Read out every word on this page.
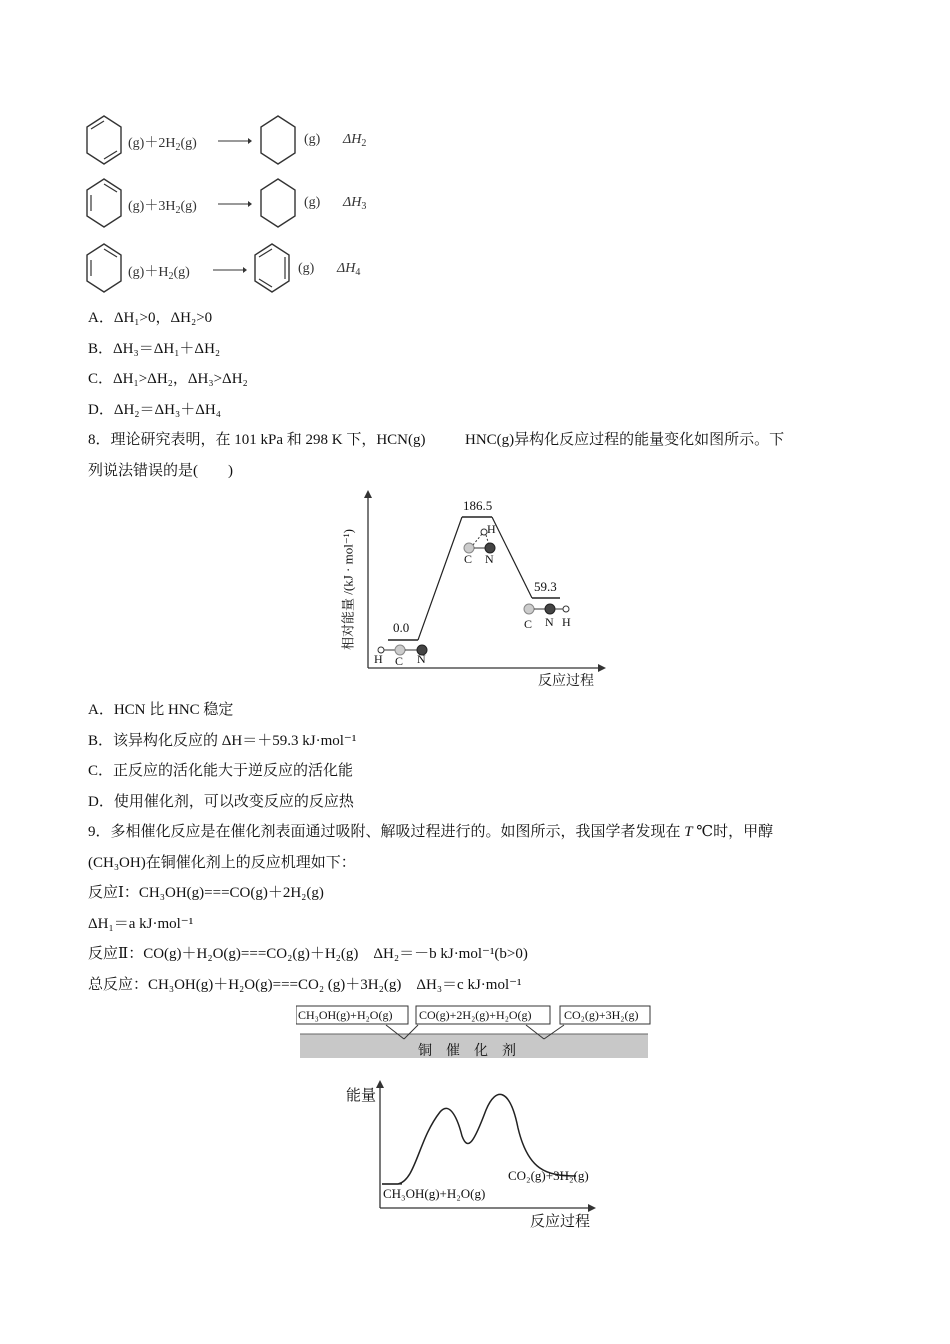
$(g)+2H_2(g)$	(g) $\Delta H_2$
$(g)+3H_2(g)$	(g) $\Delta H_3$
$(g)+H_2(g)$	(g) $\Delta H_4$
A．ΔH₁>0，ΔH₂>0
B．ΔH₃＝ΔH₁＋ΔH₂
C．ΔH₁>ΔH₂，ΔH₃>ΔH₂
D．ΔH₂＝ΔH₃＋ΔH₄
8．理论研究表明，在 101 kPa 和 298 K 下，HCN(g)	HNC(g)异构化反应过程的能量变化如图所示。下
列说法错误的是(　　)
相对能量 /(kJ · mol⁻¹)
反应过程
0.0
186.5
59.3
H C N
H
C N
C N H
A．HCN 比 HNC 稳定
B．该异构化反应的 ΔH＝＋59.3 kJ·mol⁻¹
C．正反应的活化能大于逆反应的活化能
D．使用催化剂，可以改变反应的反应热
9．多相催化反应是在催化剂表面通过吸附、解吸过程进行的。如图所示，我国学者发现在 T ℃时，甲醇
(CH₃OH)在铜催化剂上的反应机理如下：
反应Ⅰ：CH₃OH(g)===CO(g)＋2H₂(g)
ΔH₁＝a kJ·mol⁻¹
反应Ⅱ：CO(g)＋H₂O(g)===CO₂(g)＋H₂(g)　ΔH₂＝－b kJ·mol⁻¹(b>0)
总反应：CH₃OH(g)＋H₂O(g)===CO₂ (g)＋3H₂(g)　ΔH₃＝c kJ·mol⁻¹
CH₃OH(g)+H₂O(g) CO(g)+2H₂(g)+H₂O(g)	CO₂(g)+3H₂(g)
铜　催　化　剂
能量
反应过程
CH₃OH(g)+H₂O(g)
CO₂(g)+3H₂(g)
